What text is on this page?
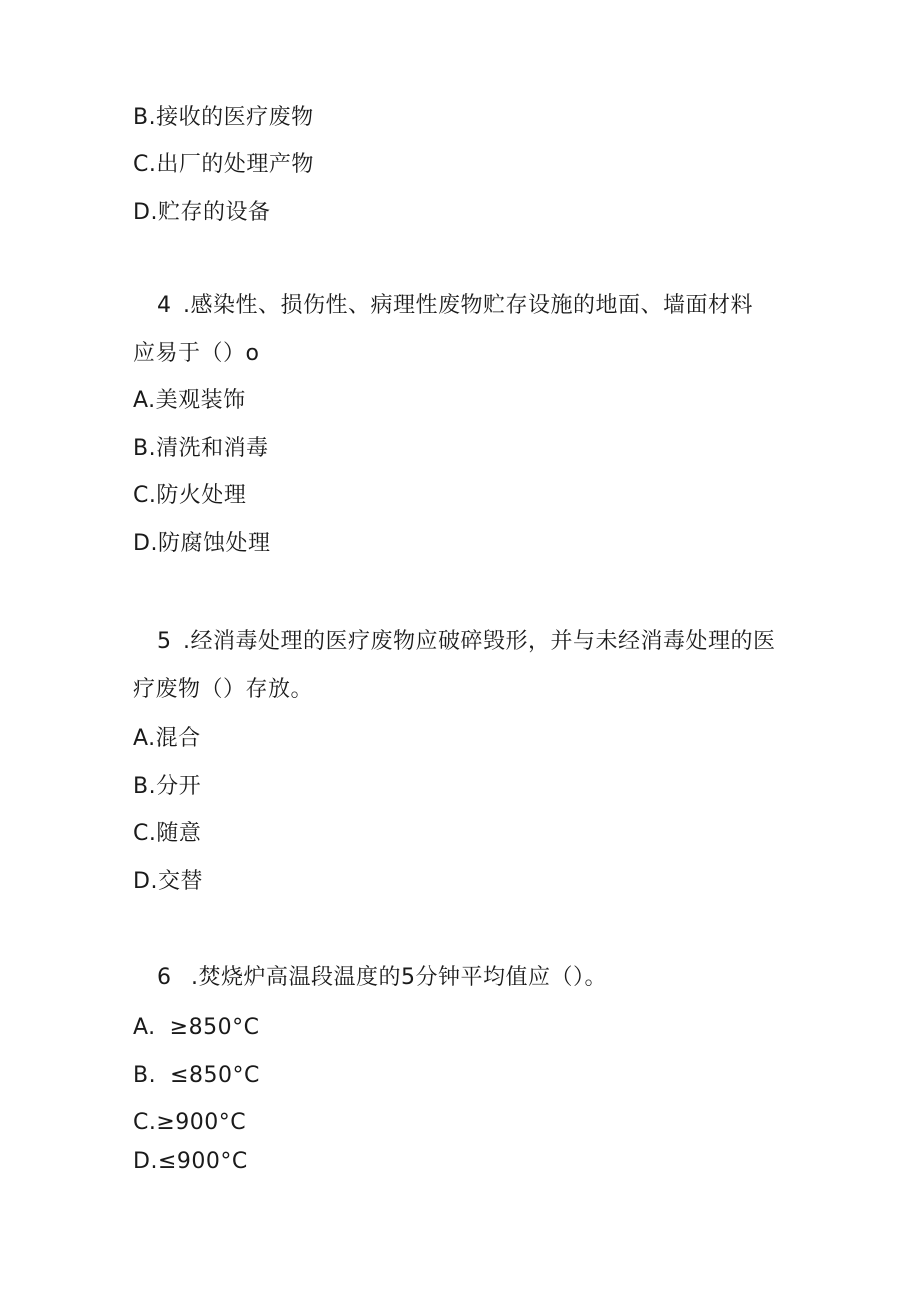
B.接收的医疗废物
C.出厂的处理产物
D.贮存的设备
4 .感染性、损伤性、病理性废物贮存设施的地面、墙面材料
应易于（）o
A.美观装饰
B.清洗和消毒
C.防火处理
D.防腐蚀处理
5 .经消毒处理的医疗废物应破碎毁形，并与未经消毒处理的医
疗废物（）存放。
A.混合
B.分开
C.随意
D.交替
6 .焚烧炉高温段温度的5分钟平均值应（）。
A. ≥850°C
B. ≤850°C
C.≥900°C
D.≤900°C
